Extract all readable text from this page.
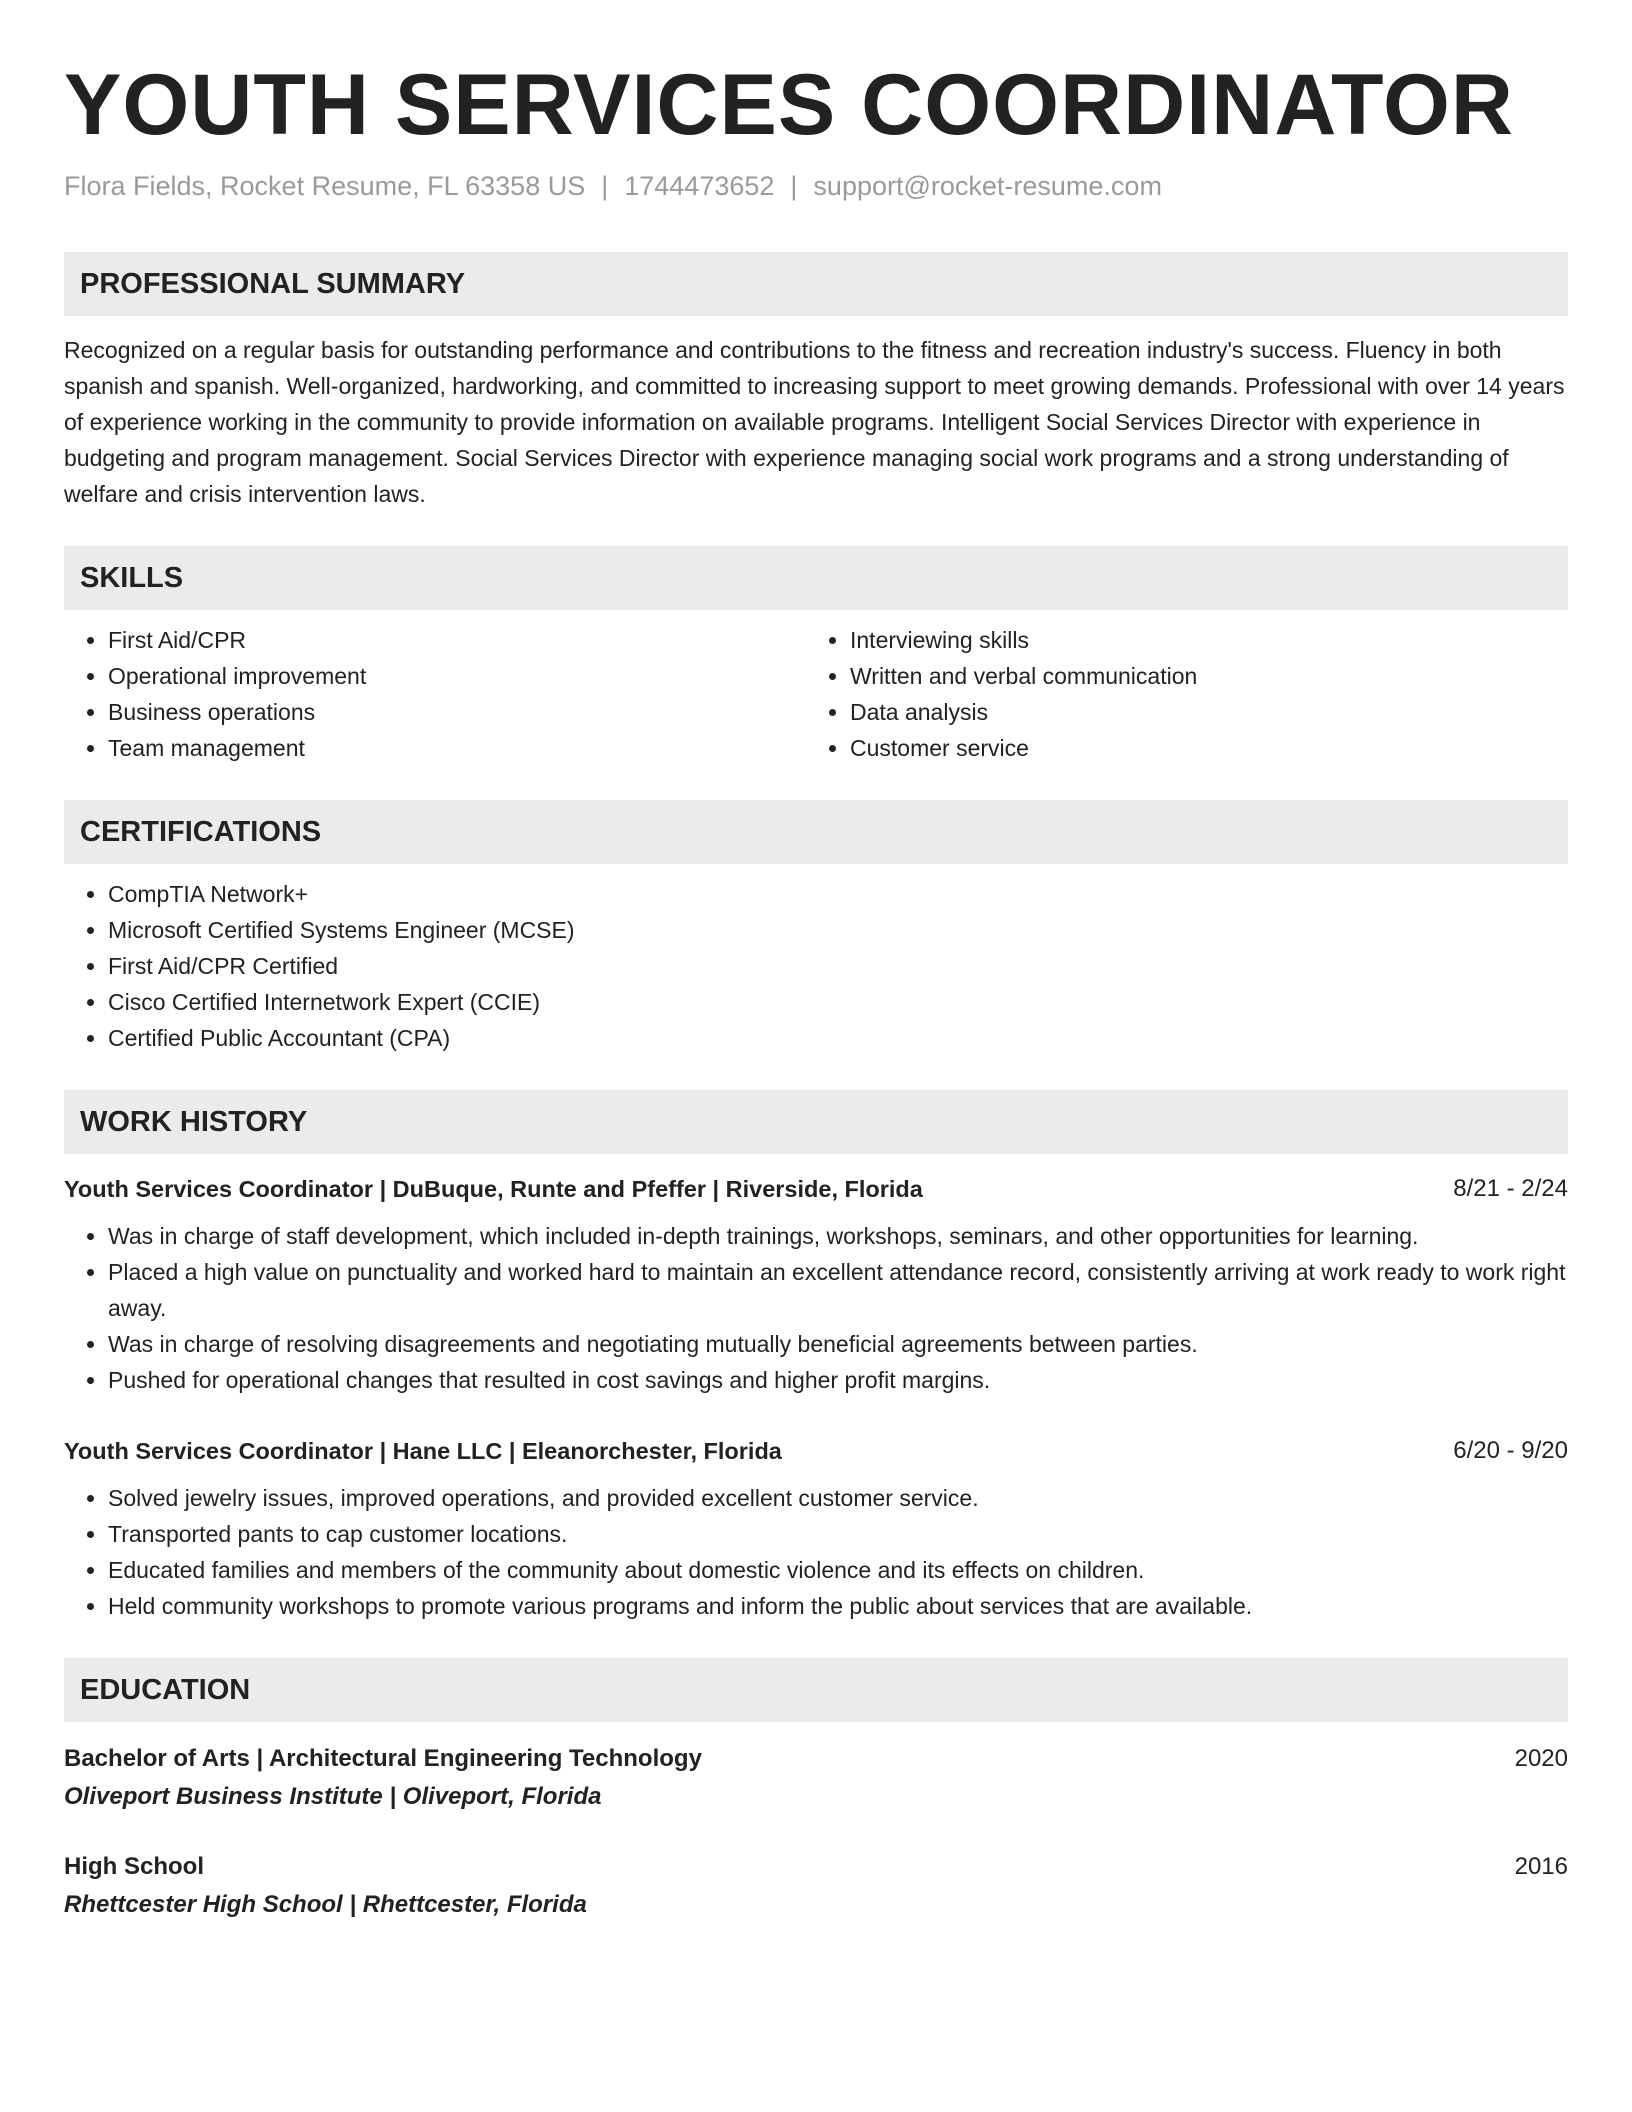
YOUTH SERVICES COORDINATOR
Flora Fields, Rocket Resume, FL 63358 US | 1744473652 | support@rocket-resume.com
PROFESSIONAL SUMMARY

Recognized on a regular basis for outstanding performance and contributions to the fitness and recreation industry's success. Fluency in both spanish and spanish. Well-organized, hardworking, and committed to increasing support to meet growing demands. Professional with over 14 years of experience working in the community to provide information on available programs. Intelligent Social Services Director with experience in budgeting and program management. Social Services Director with experience managing social work programs and a strong understanding of welfare and crisis intervention laws.

SKILLS
• First Aid/CPR
• Operational improvement
• Business operations
• Team management
• Interviewing skills
• Written and verbal communication
• Data analysis
• Customer service
CERTIFICATIONS
• CompTIA Network+
• Microsoft Certified Systems Engineer (MCSE)
• First Aid/CPR Certified
• Cisco Certified Internetwork Expert (CCIE)
• Certified Public Accountant (CPA)
WORK HISTORY
Youth Services Coordinator | DuBuque, Runte and Pfeffer | Riverside, Florida	8/21 - 2/24
• Was in charge of staff development, which included in-depth trainings, workshops, seminars, and other opportunities for learning.
• Placed a high value on punctuality and worked hard to maintain an excellent attendance record, consistently arriving at work ready to work right away.
• Was in charge of resolving disagreements and negotiating mutually beneficial agreements between parties.
• Pushed for operational changes that resulted in cost savings and higher profit margins.
Youth Services Coordinator | Hane LLC | Eleanorchester, Florida	6/20 - 9/20
• Solved jewelry issues, improved operations, and provided excellent customer service.
• Transported pants to cap customer locations.
• Educated families and members of the community about domestic violence and its effects on children.
• Held community workshops to promote various programs and inform the public about services that are available.
EDUCATION
Bachelor of Arts | Architectural Engineering Technology	2020
Oliveport Business Institute | Oliveport, Florida
High School	2016
Rhettcester High School | Rhettcester, Florida
